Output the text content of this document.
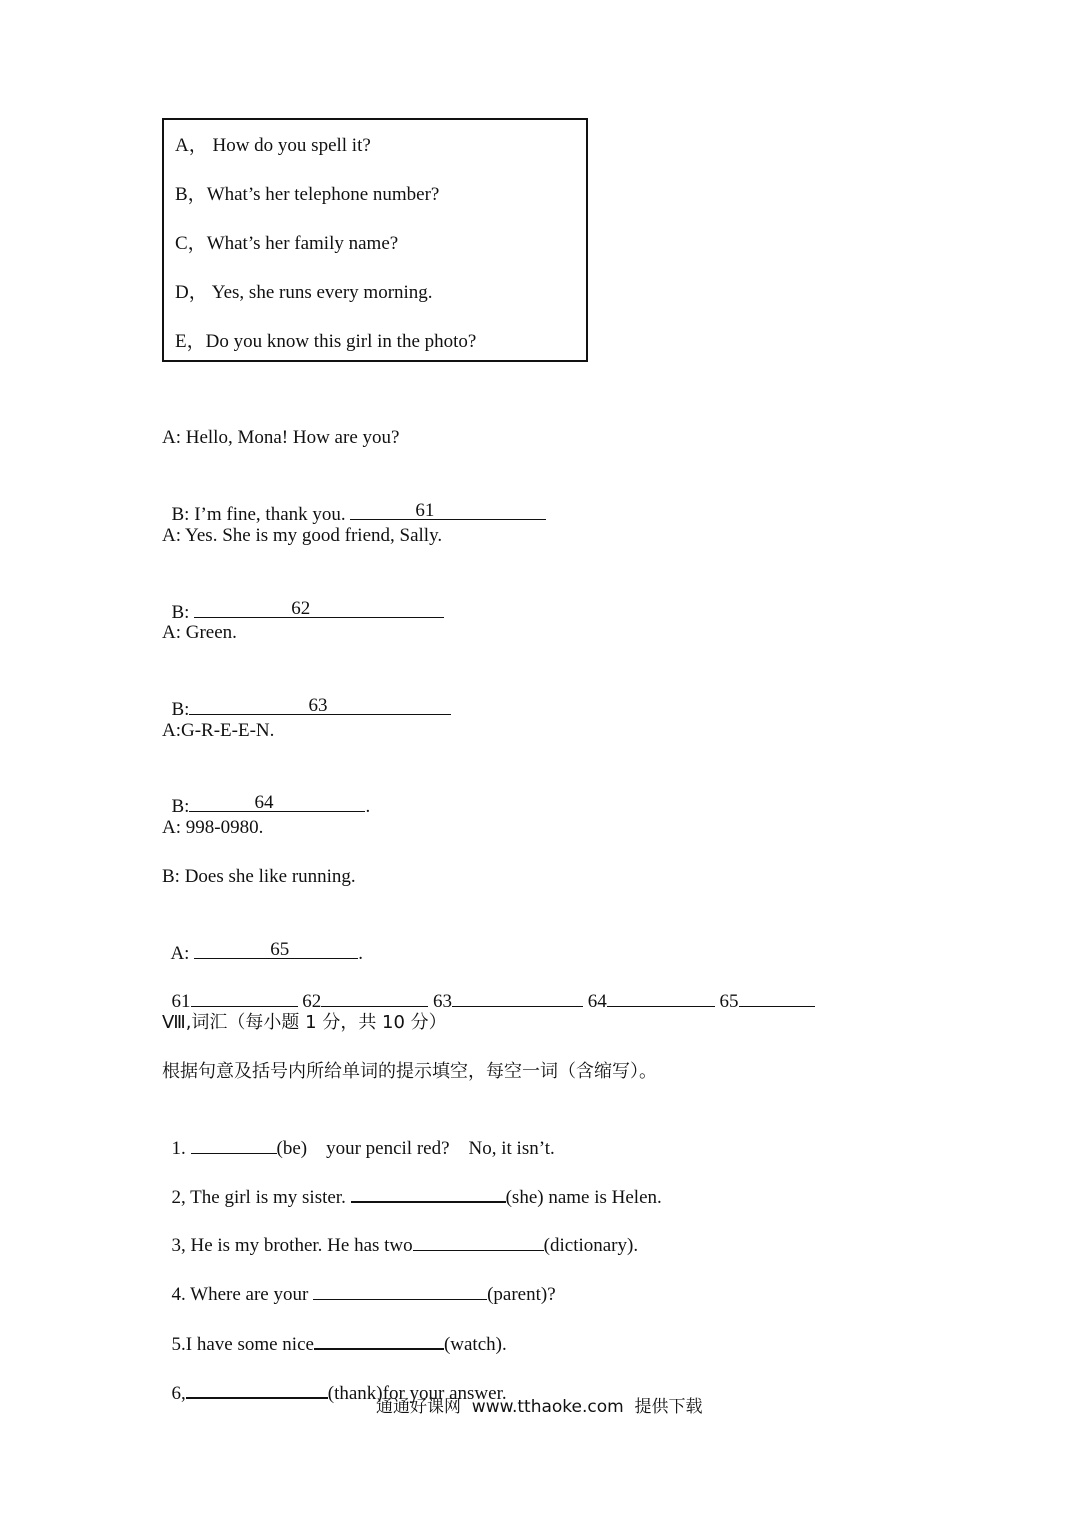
A， How do you spell it?
B，What’s her telephone number?
C，What’s her family name?
D， Yes, she runs every morning.
E，Do you know this girl in the photo?
A: Hello, Mona! How are you?

B: I’m fine, thank you.	61

A: Yes. She is my good friend, Sally.

B:	62

A: Green.

B:	63

A:G-R-E-E-N.

B:	64	.

A: 998-0980.
B: Does she like running.

A:	65	.

61	62	63	64	65

Ⅷ,词汇（每小题 1 分，共 10 分）
根据句意及括号内所给单词的提示填空，每空一词（含缩写）。

1.	(be)    your pencil red?    No, it isn’t.

2, The girl is my sister.	(she) name is Helen.

3, He is my brother. He has two	(dictionary).

4. Where are your	(parent)?

5.I have some nice	(watch).

6,	(thank)for your answer.

通通好课网  www.tthaoke.com  提供下载
